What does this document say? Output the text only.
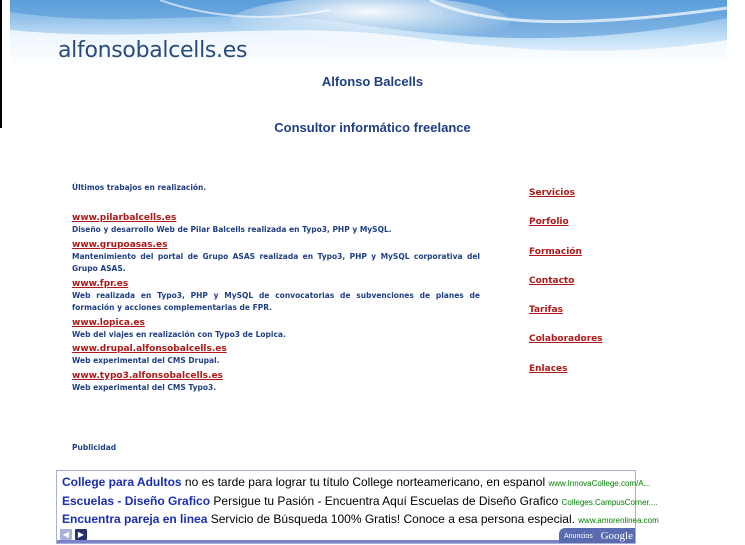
alfonsobalcells.es
Alfonso Balcells
Consultor informático freelance
Últimos trabajos en realización.
www.pilarbalcells.es
Diseño y desarrollo Web de Pilar Balcells realizada en Typo3, PHP y MySQL.
www.grupoasas.es
Mantenimiento del portal de Grupo ASAS realizada en Typo3, PHP y MySQL corporativa del Grupo ASAS.
www.fpr.es
Web realizada en Typo3, PHP y MySQL de convocatorias de subvenciones de planes de formación y acciones complementarias de FPR.
www.lopica.es
Web del viajes en realización con Typo3 de Lopica.
www.drupal.alfonsobalcells.es
Web experimental del CMS Drupal.
www.typo3.alfonsobalcells.es
Web experimental del CMS Typo3.
Publicidad
Servicios
Porfolio
Formación
Contacto
Tarifas
Colaboradores
Enlaces
College para Adultos no es tarde para lograr tu título College norteamericano, en espanol www.InnovaCollege.com/A...
Escuelas - Diseño Grafico Persigue tu Pasión - Encuentra Aquí Escuelas de Diseño Grafico Colleges.CampusCorner....
Encuentra pareja en linea Servicio de Búsqueda 100% Gratis! Conoce a esa persona especial. www.amorenlinea.com
◀	▶	Anuncios Google
